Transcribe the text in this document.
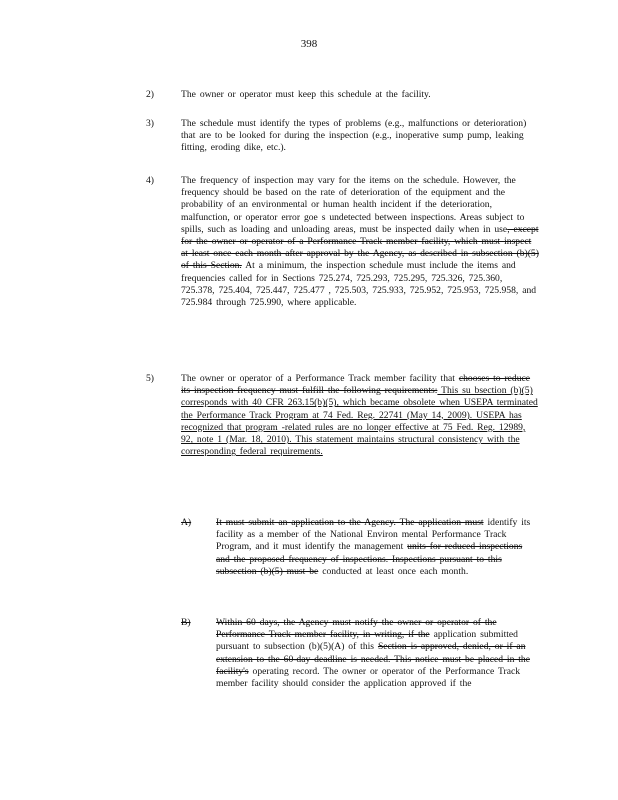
398
2)	The owner or operator must keep this schedule at the facility.
3)	The schedule must identify the types of problems (e.g., malfunctions or deterioration) that are to be looked for during the inspection (e.g., inoperative sump pump, leaking fitting, eroding dike, etc.).
4)	The frequency of inspection may vary for the items on the schedule. However, the frequency should be based on the rate of deterioration of the equipment and the probability of an environmental or human health incident if the deterioration, malfunction, or operator error goe s undetected between inspections. Areas subject to spills, such as loading and unloading areas, must be inspected daily when in use, except for the owner or operator of a Performance Track member facility, which must inspect at least once each month after approval by the Agency, as described in subsection (b)(5) of this Section. At a minimum, the inspection schedule must include the items and frequencies called for in Sections 725.274, 725.293, 725.295, 725.326, 725.360, 725.378, 725.404, 725.447, 725.477 , 725.503, 725.933, 725.952, 725.953, 725.958, and 725.984 through 725.990, where applicable.
5)	The owner or operator of a Performance Track member facility that chooses to reduce its inspection frequency must fulfill the following requirements: This su bsection (b)(5) corresponds with 40 CFR 263.15(b)(5), which became obsolete when USEPA terminated the Performance Track Program at 74 Fed. Reg. 22741 (May 14, 2009). USEPA has recognized that program -related rules are no longer effective at 75 Fed. Reg. 12989, 92, note 1 (Mar. 18, 2010). This statement maintains structural consistency with the corresponding federal requirements.
A)	It must submit an application to the Agency. The application must identify its facility as a member of the National Environ mental Performance Track Program, and it must identify the management units for reduced inspections and the proposed frequency of inspections. Inspections pursuant to this subsection (b)(5) must be conducted at least once each month.
B)	Within 60 days, the Agency must notify the owner or operator of the Performance Track member facility, in writing, if the application submitted pursuant to subsection (b)(5)(A) of this Section is approved, denied, or if an extension to the 60-day deadline is needed. This notice must be placed in the facility's operating record. The owner or operator of the Performance Track member facility should consider the application approved if the
